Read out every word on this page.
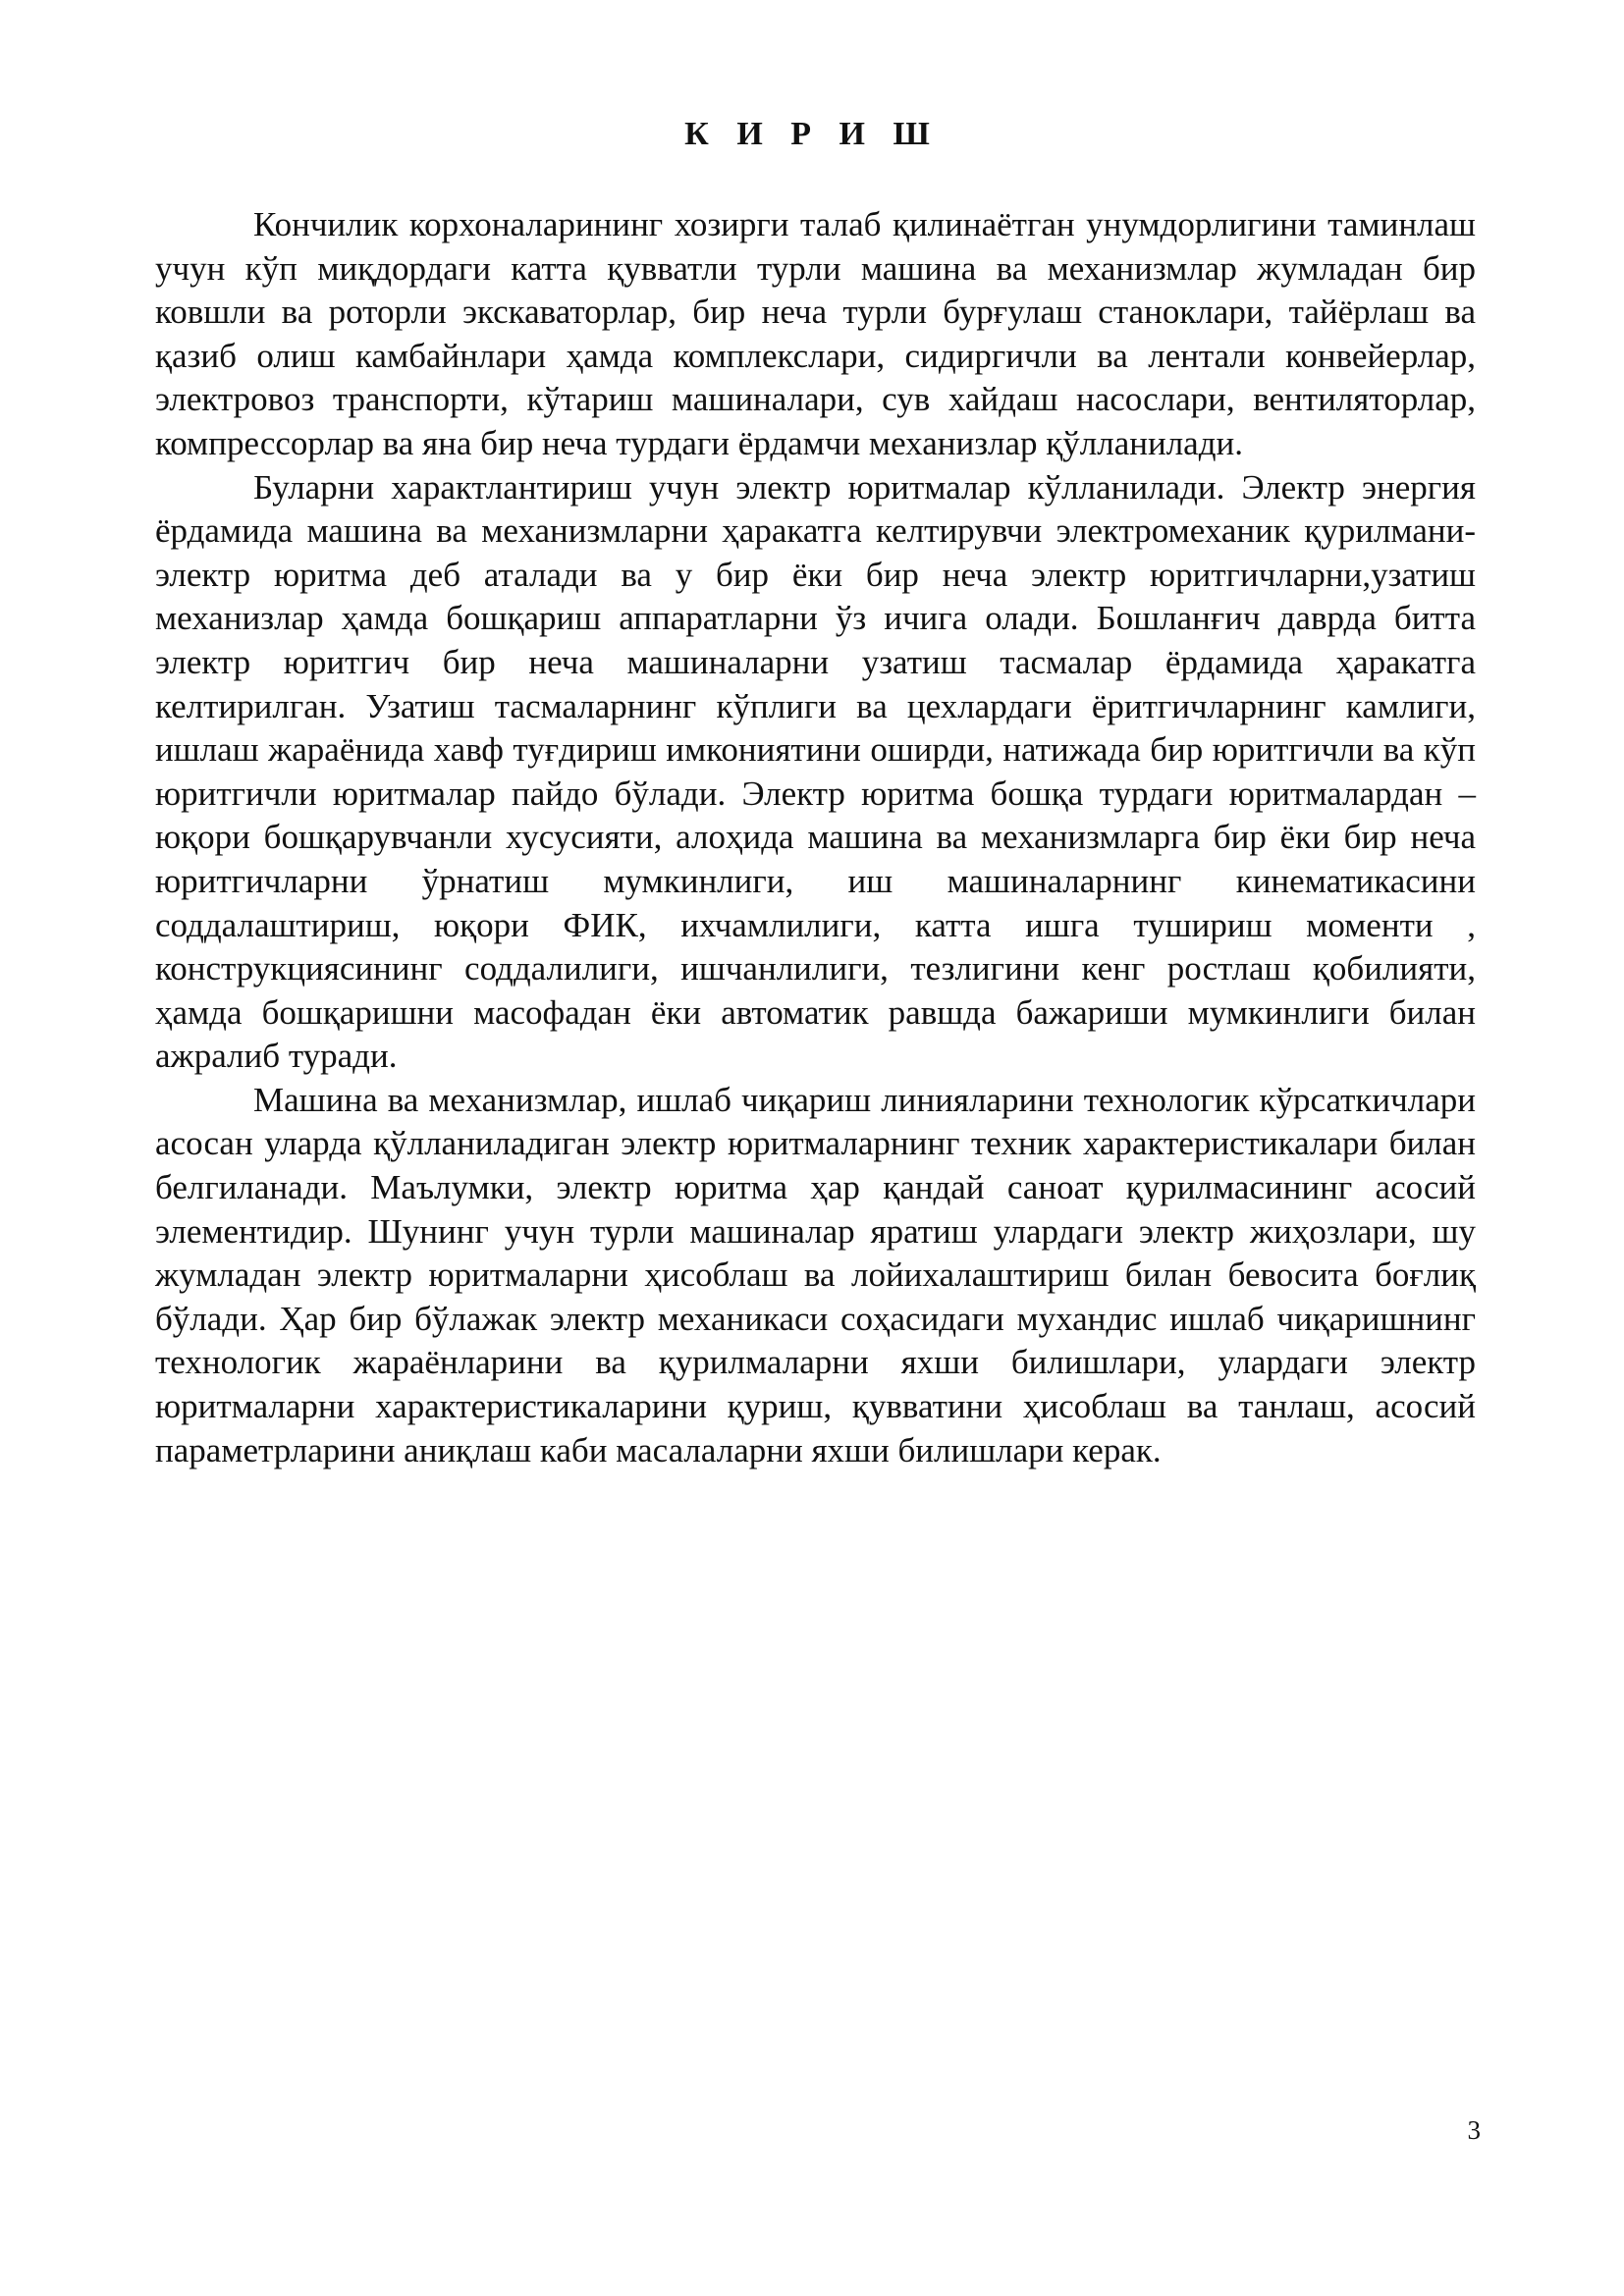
К И Р И Ш

Кончилик корхоналарининг хозирги талаб қилинаётган унумдорлигини таминлаш учун кўп миқдордаги катта қувватли турли машина ва механизмлар жумладан бир ковшли ва роторли экскаваторлар, бир неча турли бурғулаш станоклари, тайёрлаш ва қазиб олиш камбайнлари ҳамда комплекслари, сидиргичли ва лентали конвейерлар, электровоз транспорти, кўтариш машиналари, сув хайдаш насослари, вентиляторлар, компрессорлар ва яна бир неча турдаги ёрдамчи механизлар қўлланилади.

Буларни характлантириш учун электр юритмалар кўлланилади. Электр энергия ёрдамида машина ва механизмларни ҳаракатга келтирувчи электромеханик қурилмани-электр юритма деб аталади ва у бир ёки бир неча электр юритгичларни,узатиш механизлар ҳамда бошқариш аппаратларни ўз ичига олади. Бошланғич даврда битта электр юритгич бир неча машиналарни узатиш тасмалар ёрдамида ҳаракатга келтирилган. Узатиш тасмаларнинг кўплиги ва цехлардаги ёритгичларнинг камлиги, ишлаш жараёнида хавф туғдириш имкониятини оширди, натижада бир юритгичли ва кўп юритгичли юритмалар пайдо бўлади. Электр юритма бошқа турдаги юритмалардан – юқори бошқарувчанли хусусияти, алоҳида машина ва механизмларга бир ёки бир неча юритгичларни ўрнатиш мумкинлиги, иш машиналарнинг кинематикасини соддалаштириш, юқори ФИК, ихчамлилиги, катта ишга тушириш моменти , конструкциясининг соддалилиги, ишчанлилиги, тезлигини кенг ростлаш қобилияти, ҳамда бошқаришни масофадан ёки автоматик равшда бажариши мумкинлиги билан ажралиб туради.

Машина ва механизмлар, ишлаб чиқариш линияларини технологик кўрсаткичлари асосан уларда қўлланиладиган электр юритмаларнинг техник характеристикалари билан белгиланади. Маълумки, электр юритма ҳар қандай саноат қурилмасининг асосий элементидир. Шунинг учун турли машиналар яратиш улардаги электр жиҳозлари, шу жумладан электр юритмаларни ҳисоблаш ва лойихалаштириш билан бевосита боғлиқ бўлади. Ҳар бир бўлажак электр механикаси соҳасидаги мухандис ишлаб чиқаришнинг технологик жараёнларини ва қурилмаларни яхши билишлари, улардаги электр юритмаларни характеристикаларини қуриш, қувватини ҳисоблаш ва танлаш, асосий параметрларини аниқлаш каби масалаларни яхши билишлари керак.

3
